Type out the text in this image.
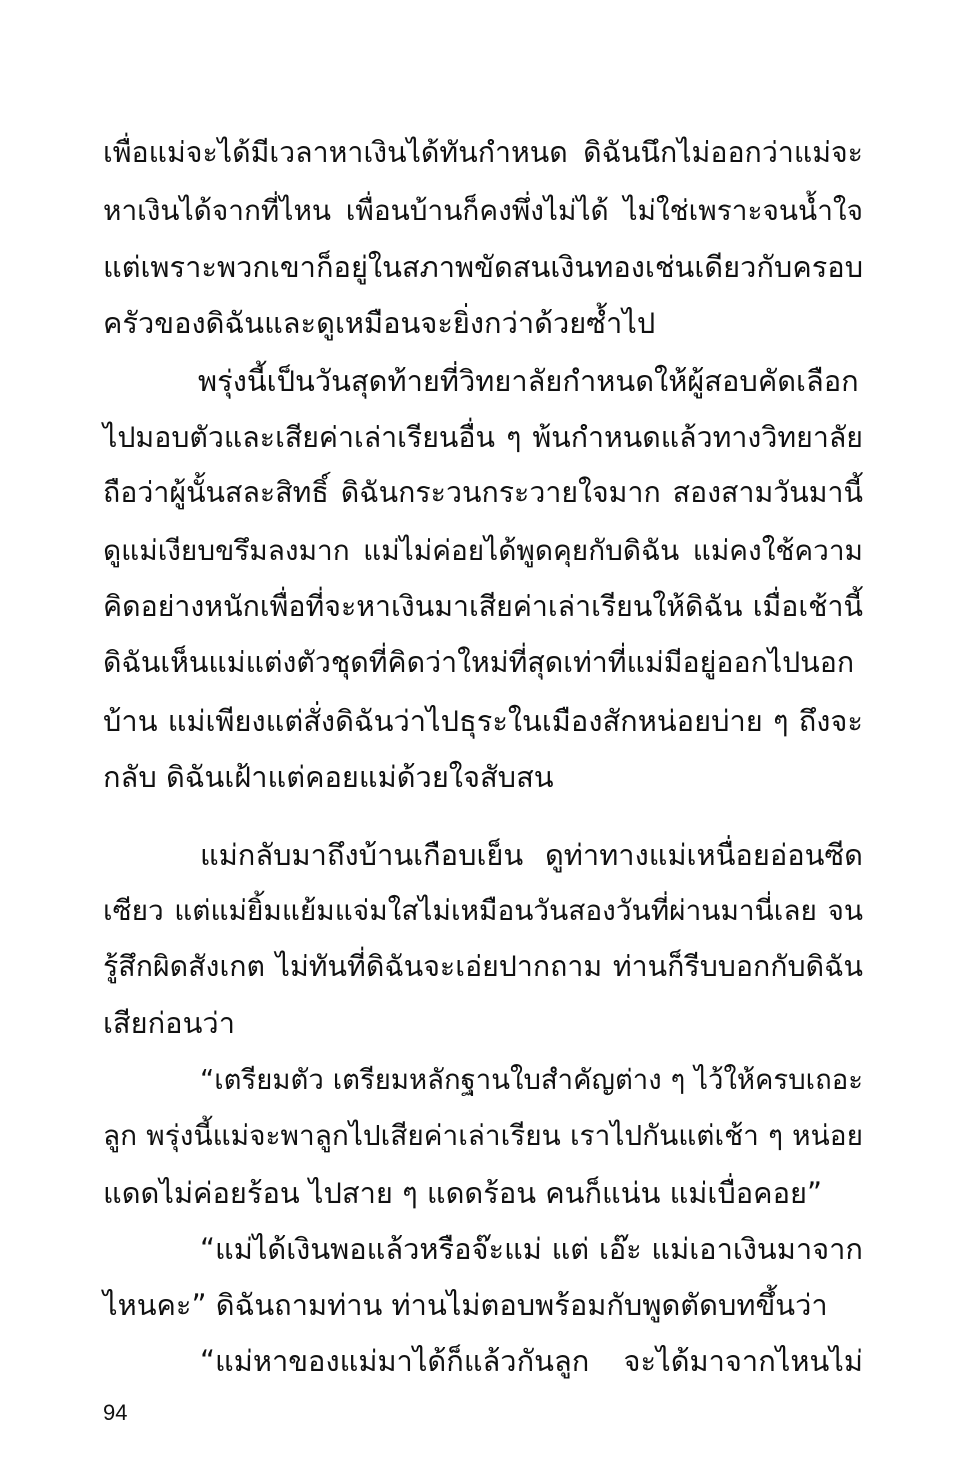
เพื่อแม่จะได้มีเวลาหาเงินได้ทันกำหนด ดิฉันนึกไม่ออกว่าแม่จะ
หาเงินได้จากที่ไหน เพื่อนบ้านก็คงพึ่งไม่ได้ ไม่ใช่เพราะจนน้ำใจ
แต่เพราะพวกเขาก็อยู่ในสภาพขัดสนเงินทองเช่นเดียวกับครอบ
ครัวของดิฉันและดูเหมือนจะยิ่งกว่าด้วยซ้ำไป
พรุ่งนี้เป็นวันสุดท้ายที่วิทยาลัยกำหนดให้ผู้สอบคัดเลือก
ไปมอบตัวและเสียค่าเล่าเรียนอื่น ๆ พ้นกำหนดแล้วทางวิทยาลัย
ถือว่าผู้นั้นสละสิทธิ์ ดิฉันกระวนกระวายใจมาก สองสามวันมานี้
ดูแม่เงียบขรึมลงมาก แม่ไม่ค่อยได้พูดคุยกับดิฉัน แม่คงใช้ความ
คิดอย่างหนักเพื่อที่จะหาเงินมาเสียค่าเล่าเรียนให้ดิฉัน เมื่อเช้านี้
ดิฉันเห็นแม่แต่งตัวชุดที่คิดว่าใหม่ที่สุดเท่าที่แม่มีอยู่ออกไปนอก
บ้าน แม่เพียงแต่สั่งดิฉันว่าไปธุระในเมืองสักหน่อยบ่าย ๆ ถึงจะ
กลับ ดิฉันเฝ้าแต่คอยแม่ด้วยใจสับสน
แม่กลับมาถึงบ้านเกือบเย็น ดูท่าทางแม่เหนื่อยอ่อนซีด
เซียว แต่แม่ยิ้มแย้มแจ่มใสไม่เหมือนวันสองวันที่ผ่านมานี่เลย จน
รู้สึกผิดสังเกต ไม่ทันที่ดิฉันจะเอ่ยปากถาม ท่านก็รีบบอกกับดิฉัน
เสียก่อนว่า
“เตรียมตัว เตรียมหลักฐานใบสำคัญต่าง ๆ ไว้ให้ครบเถอะ
ลูก พรุ่งนี้แม่จะพาลูกไปเสียค่าเล่าเรียน เราไปกันแต่เช้า ๆ หน่อย
แดดไม่ค่อยร้อน ไปสาย ๆ แดดร้อน คนก็แน่น แม่เบื่อคอย”
“แม่ได้เงินพอแล้วหรือจ๊ะแม่ แต่ เอ๊ะ แม่เอาเงินมาจาก
ไหนคะ” ดิฉันถามท่าน ท่านไม่ตอบพร้อมกับพูดตัดบทขึ้นว่า
“แม่หาของแม่มาได้ก็แล้วกันลูก จะได้มาจากไหนไม่
94
